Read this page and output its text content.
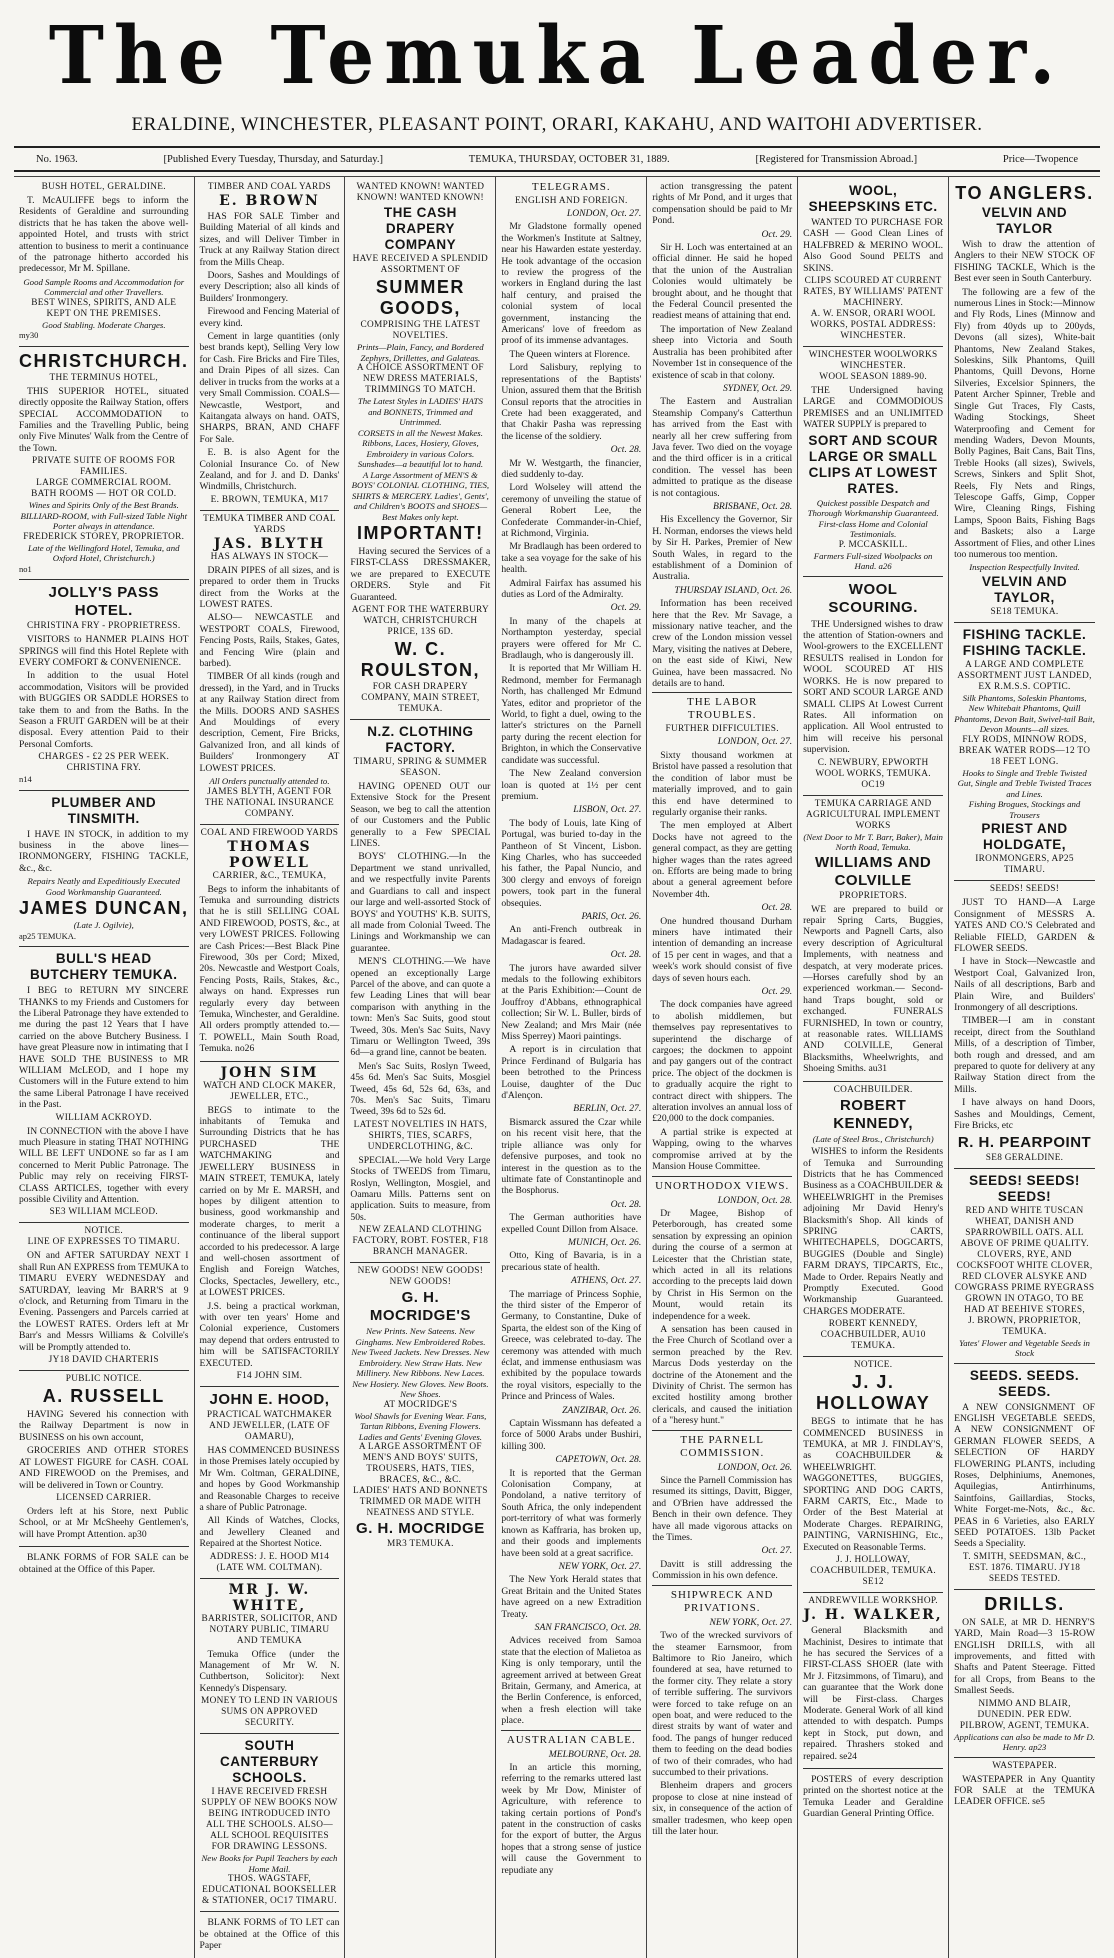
The Temuka Leader.
ERALDINE, WINCHESTER, PLEASANT POINT, ORARI, KAKAHU, AND WAITOHI ADVERTISER.
No. 1963.	[Published Every Tuesday, Thursday, and Saturday.]	TEMUKA, THURSDAY, OCTOBER 31, 1889.	[Registered for Transmission Abroad.]	Price—Twopence
BUSH HOTEL, GERALDINE.
T. McAULIFFE begs to inform the Residents of Geraldine and surrounding districts that he has taken the above well-appointed Hotel, and trusts with strict attention to business to merit a continuance of the patronage hitherto accorded his predecessor, Mr M. Spillane.
Good Sample Rooms and Accommodation for Commercial and other Travellers.
BEST WINES, SPIRITS, AND ALE KEPT ON THE PREMISES.
Good Stabling. Moderate Charges.
my30
CHRISTCHURCH.
THE TERMINUS HOTEL,
THIS SUPERIOR HOTEL, situated directly opposite the Railway Station, offers SPECIAL ACCOMMODATION to Families and the Travelling Public, being only Five Minutes' Walk from the Centre of the Town.
PRIVATE SUITE OF ROOMS FOR FAMILIES.
LARGE COMMERCIAL ROOM.
BATH ROOMS — HOT OR COLD.
Wines and Spirits Only of the Best Brands.
BILLIARD-ROOM, with Full-sized Table Night Porter always in attendance.
FREDERICK STOREY, PROPRIETOR.
Late of the Wellingford Hotel, Temuka, and Oxford Hotel, Christchurch.)
no1
JOLLY'S PASS HOTEL.
CHRISTINA FRY - PROPRIETRESS.
VISITORS to HANMER PLAINS HOT SPRINGS will find this Hotel Replete with EVERY COMFORT & CONVENIENCE.
In addition to the usual Hotel accommodation, Visitors will be provided with BUGGIES OR SADDLE HORSES to take them to and from the Baths. In the Season a FRUIT GARDEN will be at their disposal. Every attention Paid to their Personal Comforts.
CHARGES - £2 2S PER WEEK.
CHRISTINA FRY.
n14
PLUMBER AND TINSMITH.
I HAVE IN STOCK, in addition to my business in the above lines— IRONMONGERY, FISHING TACKLE, &c., &c.
Repairs Neatly and Expeditiously Executed
Good Workmanship Guaranteed.
JAMES DUNCAN,
(Late J. Ogilvie),
ap25 TEMUKA.
BULL'S HEAD BUTCHERY TEMUKA.
I BEG to RETURN MY SINCERE THANKS to my Friends and Customers for the Liberal Patronage they have extended to me during the past 12 Years that I have carried on the above Butchery Business. I have great Pleasure now in intimating that I HAVE SOLD THE BUSINESS to MR WILLIAM McLEOD, and I hope my Customers will in the Future extend to him the same Liberal Patronage I have received in the Past.
WILLIAM ACKROYD.
IN CONNECTION with the above I have much Pleasure in stating THAT NOTHING WILL BE LEFT UNDONE so far as I am concerned to Merit Public Patronage. The Public may rely on receiving FIRST-CLASS ARTICLES, together with every possible Civility and Attention.
SE3 WILLIAM MCLEOD.
NOTICE.
LINE OF EXPRESSES TO TIMARU.
ON and AFTER SATURDAY NEXT I shall Run AN EXPRESS from TEMUKA to TIMARU EVERY WEDNESDAY and SATURDAY, leaving Mr BARR'S at 9 o'clock, and Returning from Timaru in the Evening. Passengers and Parcels carried at the LOWEST RATES. Orders left at Mr Barr's and Messrs Williams & Colville's will be Promptly attended to.
JY18 DAVID CHARTERIS
PUBLIC NOTICE.
A. RUSSELL
HAVING Severed his connection with the Railway Department is now in BUSINESS on his own account,
GROCERIES AND OTHER STORES AT LOWEST FIGURE for CASH. COAL AND FIREWOOD on the Premises, and will be delivered in Town or Country.
LICENSED CARRIER.
Orders left at his Store, next Public School, or at Mr McSheehy Gentlemen's, will have Prompt Attention. ap30
BLANK FORMS of FOR SALE can be obtained at the Office of this Paper.
TIMBER AND COAL YARDS
E. BROWN
HAS FOR SALE Timber and Building Material of all kinds and sizes, and will Deliver Timber in Truck at any Railway Station direct from the Mills Cheap.
Doors, Sashes and Mouldings of every Description; also all kinds of Builders' Ironmongery.
Firewood and Fencing Material of every kind.
Cement in large quantities (only best brands kept), Selling Very low for Cash. Fire Bricks and Fire Tiles, and Drain Pipes of all sizes. Can deliver in trucks from the works at a very Small Commission. COALS—Newcastle, Westport, and Kaitangata always on hand. OATS, SHARPS, BRAN, AND CHAFF For Sale.
E. B. is also Agent for the Colonial Insurance Co. of New Zealand, and for J. and D. Danks' Windmills, Christchurch.
E. BROWN, TEMUKA, M17
TEMUKA TIMBER AND COAL YARDS
JAS. BLYTH
HAS ALWAYS IN STOCK—
DRAIN PIPES of all sizes, and is prepared to order them in Trucks direct from the Works at the LOWEST RATES.
ALSO— NEWCASTLE and WESTPORT COALS, Firewood, Fencing Posts, Rails, Stakes, Gates, and Fencing Wire (plain and barbed).
TIMBER Of all kinds (rough and dressed), in the Yard, and in Trucks at any Railway Station direct from the Mills. DOORS AND SASHES And Mouldings of every description, Cement, Fire Bricks, Galvanized Iron, and all kinds of Builders' Ironmongery AT LOWEST PRICES.
All Orders punctually attended to.
JAMES BLYTH, AGENT FOR THE NATIONAL INSURANCE COMPANY.
COAL AND FIREWOOD YARDS
THOMAS POWELL
CARRIER, &C., TEMUKA,
Begs to inform the inhabitants of Temuka and surrounding districts that he is still SELLING COAL AND FIREWOOD, POSTS, &c., at very LOWEST PRICES. Following are Cash Prices:—Best Black Pine Firewood, 30s per Cord; Mixed, 20s. Newcastle and Westport Coals, Fencing Posts, Rails, Stakes, &c., always on hand. Expresses run regularly every day between Temuka, Winchester, and Geraldine. All orders promptly attended to.— T. POWELL, Main South Road, Temuka. no26
JOHN SIM
WATCH AND CLOCK MAKER, JEWELLER, ETC.,
BEGS to intimate to the inhabitants of Temuka and Surrounding Districts that he has PURCHASED THE WATCHMAKING and JEWELLERY BUSINESS in MAIN STREET, TEMUKA, lately carried on by Mr E. MARSH, and hopes by diligent attention to business, good workmanship and moderate charges, to merit a continuance of the liberal support accorded to his predecessor. A large and well-chosen assortment of English and Foreign Watches, Clocks, Spectacles, Jewellery, etc., at LOWEST PRICES.
J.S. being a practical workman, with over ten years' Home and Colonial experience, Customers may depend that orders entrusted to him will be SATISFACTORILY EXECUTED.
F14 JOHN SIM.
JOHN E. HOOD,
PRACTICAL WATCHMAKER AND JEWELLER, (LATE OF OAMARU),
HAS COMMENCED BUSINESS in those Premises lately occupied by Mr Wm. Coltman, GERALDINE, and hopes by Good Workmanship and Reasonable Charges to receive a share of Public Patronage.
All Kinds of Watches, Clocks, and Jewellery Cleaned and Repaired at the Shortest Notice.
ADDRESS: J. E. HOOD M14 (LATE WM. COLTMAN).
MR J. W. WHITE,
BARRISTER, SOLICITOR, AND NOTARY PUBLIC, TIMARU AND TEMUKA
Temuka Office (under the Management of Mr W. N. Cuthbertson, Solicitor): Next Kennedy's Dispensary.
MONEY TO LEND IN VARIOUS SUMS ON APPROVED SECURITY.
SOUTH CANTERBURY SCHOOLS.
I HAVE RECEIVED FRESH SUPPLY OF NEW BOOKS NOW BEING INTRODUCED INTO ALL THE SCHOOLS. ALSO— ALL SCHOOL REQUISITES FOR DRAWING LESSONS.
New Books for Pupil Teachers by each Home Mail.
THOS. WAGSTAFF, EDUCATIONAL BOOKSELLER & STATIONER, OC17 TIMARU.
BLANK FORMS of TO LET can be obtained at the Office of this Paper
WANTED KNOWN! WANTED KNOWN! WANTED KNOWN!
THE CASH DRAPERY COMPANY
HAVE RECEIVED A SPLENDID ASSORTMENT OF
SUMMER GOODS,
COMPRISING THE LATEST NOVELTIES.
Prints—Plain, Fancy, and Bordered Zephyrs, Drillettes, and Galateas.
A CHOICE ASSORTMENT OF NEW DRESS MATERIALS, TRIMMINGS TO MATCH.
The Latest Styles in LADIES' HATS and BONNETS, Trimmed and Untrimmed.
CORSETS in all the Newest Makes. Ribbons, Laces, Hosiery, Gloves, Embroidery in various Colors. Sunshades—a beautiful lot to hand.
A Large Assortment of MEN'S & BOYS' COLONIAL CLOTHING, TIES, SHIRTS & MERCERY. Ladies', Gents', and Children's BOOTS and SHOES—Best Makes only kept.
IMPORTANT!
Having secured the Services of a FIRST-CLASS DRESSMAKER, we are prepared to EXECUTE ORDERS. Style and Fit Guaranteed.
AGENT FOR THE WATERBURY WATCH, CHRISTCHURCH PRICE, 13S 6D.
W. C. ROULSTON,
FOR CASH DRAPERY COMPANY, MAIN STREET, TEMUKA.
N.Z. CLOTHING FACTORY.
TIMARU, SPRING & SUMMER SEASON.
HAVING OPENED OUT our Extensive Stock for the Present Season, we beg to call the attention of our Customers and the Public generally to a Few SPECIAL LINES.
BOYS' CLOTHING.—In the Department we stand unrivalled, and we respectfully invite Parents and Guardians to call and inspect our large and well-assorted Stock of BOYS' and YOUTHS' K.B. SUITS, all made from Colonial Tweed. The Linings and Workmanship we can guarantee.
MEN'S CLOTHING.—We have opened an exceptionally Large Parcel of the above, and can quote a few Leading Lines that will bear comparison with anything in the town: Men's Sac Suits, good stout Tweed, 30s. Men's Sac Suits, Navy Timaru or Wellington Tweed, 39s 6d—a grand line, cannot be beaten.
Men's Sac Suits, Roslyn Tweed, 45s 6d. Men's Sac Suits, Mosgiel Tweed, 45s 6d, 52s 6d, 63s, and 70s. Men's Sac Suits, Timaru Tweed, 39s 6d to 52s 6d.
LATEST NOVELTIES IN HATS, SHIRTS, TIES, SCARFS, UNDERCLOTHING, &C.
SPECIAL.—We hold Very Large Stocks of TWEEDS from Timaru, Roslyn, Wellington, Mosgiel, and Oamaru Mills. Patterns sent on application. Suits to measure, from 50s.
NEW ZEALAND CLOTHING FACTORY, ROBT. FOSTER, F18 BRANCH MANAGER.
NEW GOODS! NEW GOODS! NEW GOODS!
G. H. MOCRIDGE'S
New Prints. New Sateens. New Ginghams. New Embroidered Robes. New Tweed Jackets. New Dresses. New Embroidery. New Straw Hats. New Millinery. New Ribbons. New Laces. New Hosiery. New Gloves. New Boots. New Shoes.
AT MOCRIDGE'S
Wool Shawls for Evening Wear. Fans, Tartan Ribbons, Evening Flowers. Ladies and Gents' Evening Gloves.
A LARGE ASSORTMENT OF MEN'S AND BOYS' SUITS, TROUSERS, HATS, TIES, BRACES, &C., &C.
LADIES' HATS AND BONNETS TRIMMED OR MADE WITH NEATNESS AND STYLE.
G. H. MOCRIDGE
MR3 TEMUKA.
TELEGRAMS.
ENGLISH AND FOREIGN.
LONDON, Oct. 27.
Mr Gladstone formally opened the Workmen's Institute at Saltney, near his Hawarden estate yesterday. He took advantage of the occasion to review the progress of the workers in England during the last half century, and praised the colonial system of local government, instancing the Americans' love of freedom as proof of its immense advantages.
The Queen winters at Florence.
Lord Salisbury, replying to representations of the Baptists' Union, assured them that the British Consul reports that the atrocities in Crete had been exaggerated, and that Chakir Pasha was repressing the license of the soldiery.
Oct. 28.
Mr W. Westgarth, the financier, died suddenly to-day.
Lord Wolseley will attend the ceremony of unveiling the statue of General Robert Lee, the Confederate Commander-in-Chief, at Richmond, Virginia.
Mr Bradlaugh has been ordered to take a sea voyage for the sake of his health.
Admiral Fairfax has assumed his duties as Lord of the Admiralty.
Oct. 29.
In many of the chapels at Northampton yesterday, special prayers were offered for Mr C. Bradlaugh, who is dangerously ill.
It is reported that Mr William H. Redmond, member for Fermanagh North, has challenged Mr Edmund Yates, editor and proprietor of the World, to fight a duel, owing to the latter's strictures on the Parnell party during the recent election for Brighton, in which the Conservative candidate was successful.
The New Zealand conversion loan is quoted at 1½ per cent premium.
LISBON, Oct. 27.
The body of Louis, late King of Portugal, was buried to-day in the Pantheon of St Vincent, Lisbon. King Charles, who has succeeded his father, the Papal Nuncio, and 300 clergy and envoys of foreign powers, took part in the funeral obsequies.
PARIS, Oct. 26.
An anti-French outbreak in Madagascar is feared.
Oct. 28.
The jurors have awarded silver medals to the following exhibitors at the Paris Exhibition:—Count de Jouffroy d'Abbans, ethnographical collection; Sir W. L. Buller, birds of New Zealand; and Mrs Mair (née Miss Sperrey) Maori paintings.
A report is in circulation that Prince Ferdinand of Bulgaria has been betrothed to the Princess Louise, daughter of the Duc d'Alençon.
BERLIN, Oct. 27.
Bismarck assured the Czar while on his recent visit here, that the triple alliance was only for defensive purposes, and took no interest in the question as to the ultimate fate of Constantinople and the Bosphorus.
Oct. 28.
The German authorities have expelled Count Dillon from Alsace.
MUNICH, Oct. 26.
Otto, King of Bavaria, is in a precarious state of health.
ATHENS, Oct. 27.
The marriage of Princess Sophie, the third sister of the Emperor of Germany, to Constantine, Duke of Sparta, the eldest son of the King of Greece, was celebrated to-day. The ceremony was attended with much éclat, and immense enthusiasm was exhibited by the populace towards the royal visitors, especially to the Prince and Princess of Wales.
ZANZIBAR, Oct. 26.
Captain Wissmann has defeated a force of 5000 Arabs under Bushiri, killing 300.
CAPETOWN, Oct. 28.
It is reported that the German Colonisation Company, at Pondoland, a native territory of South Africa, the only independent port-territory of what was formerly known as Kaffraria, has broken up, and their goods and implements have been sold at a great sacrifice.
NEW YORK, Oct. 27.
The New York Herald states that Great Britain and the United States have agreed on a new Extradition Treaty.
SAN FRANCISCO, Oct. 28.
Advices received from Samoa state that the election of Malietoa as King is only temporary, until the agreement arrived at between Great Britain, Germany, and America, at the Berlin Conference, is enforced, when a fresh election will take place.
AUSTRALIAN CABLE.
MELBOURNE, Oct. 28.
In an article this morning, referring to the remarks uttered last week by Mr Dow, Minister of Agriculture, with reference to taking certain portions of Pond's patent in the construction of casks for the export of butter, the Argus hopes that a strong sense of justice will cause the Government to repudiate any
action transgressing the patent rights of Mr Pond, and it urges that compensation should be paid to Mr Pond.
Oct. 29.
Sir H. Loch was entertained at an official dinner. He said he hoped that the union of the Australian Colonies would ultimately be brought about, and he thought that the Federal Council presented the readiest means of attaining that end.
The importation of New Zealand sheep into Victoria and South Australia has been prohibited after November 1st in consequence of the existence of scab in that colony.
SYDNEY, Oct. 29.
The Eastern and Australian Steamship Company's Catterthun has arrived from the East with nearly all her crew suffering from Java fever. Two died on the voyage and the third officer is in a critical condition. The vessel has been admitted to pratique as the disease is not contagious.
BRISBANE, Oct. 28.
His Excellency the Governor, Sir H. Norman, endorses the views held by Sir H. Parkes, Premier of New South Wales, in regard to the establishment of a Dominion of Australia.
THURSDAY ISLAND, Oct. 26.
Information has been received here that the Rev. Mr Savage, a missionary native teacher, and the crew of the London mission vessel Mary, visiting the natives at Debere, on the east side of Kiwi, New Guinea, have been massacred. No details are to hand.
THE LABOR TROUBLES.
FURTHER DIFFICULTIES.
LONDON, Oct. 27.
Sixty thousand workmen at Bristol have passed a resolution that the condition of labor must be materially improved, and to gain this end have determined to regularly organise their ranks.
The men employed at Albert Docks have not agreed to the general compact, as they are getting higher wages than the rates agreed on. Efforts are being made to bring about a general agreement before November 4th.
Oct. 28.
One hundred thousand Durham miners have intimated their intention of demanding an increase of 15 per cent in wages, and that a week's work should consist of five days of seven hours each.
Oct. 29.
The dock companies have agreed to abolish middlemen, but themselves pay representatives to superintend the discharge of cargoes; the dockmen to appoint and pay gangers out of the contract price. The object of the dockmen is to gradually acquire the right to contract direct with shippers. The alteration involves an annual loss of £20,000 to the dock companies.
A partial strike is expected at Wapping, owing to the wharves compromise arrived at by the Mansion House Committee.
UNORTHODOX VIEWS.
LONDON, Oct. 28.
Dr Magee, Bishop of Peterborough, has created some sensation by expressing an opinion during the course of a sermon at Leicester that the Christian state, which acted in all its relations according to the precepts laid down by Christ in His Sermon on the Mount, would retain its independence for a week.
A sensation has been caused in the Free Church of Scotland over a sermon preached by the Rev. Marcus Dods yesterday on the doctrine of the Atonement and the Divinity of Christ. The sermon has excited hostility among brother clericals, and caused the initiation of a "heresy hunt."
THE PARNELL COMMISSION.
LONDON, Oct. 26.
Since the Parnell Commission has resumed its sittings, Davitt, Bigger, and O'Brien have addressed the Bench in their own defence. They have all made vigorous attacks on the Times.
Oct. 27.
Davitt is still addressing the Commission in his own defence.
SHIPWRECK AND PRIVATIONS.
NEW YORK, Oct. 27.
Two of the wrecked survivors of the steamer Earnsmoor, from Baltimore to Rio Janeiro, which foundered at sea, have returned to the former city. They relate a story of terrible suffering. The survivors were forced to take refuge on an open boat, and were reduced to the direst straits by want of water and food. The pangs of hunger reduced them to feeding on the dead bodies of two of their comrades, who had succumbed to their privations.
Blenheim drapers and grocers propose to close at nine instead of six, in consequence of the action of smaller tradesmen, who keep open till the later hour.
WOOL, SHEEPSKINS ETC.
WANTED TO PURCHASE FOR CASH — Good Clean Lines of HALFBRED & MERINO WOOL. Also Good Sound PELTS and SKINS.
CLIPS SCOURED AT CURRENT RATES, BY WILLIAMS' PATENT MACHINERY.
A. W. ENSOR, ORARI WOOL WORKS, POSTAL ADDRESS: WINCHESTER.
WINCHESTER WOOLWORKS
WINCHESTER.
WOOL SEASON 1889-90.
THE Undersigned having LARGE and COMMODIOUS PREMISES and an UNLIMITED WATER SUPPLY is prepared to
SORT AND SCOUR LARGE OR SMALL CLIPS AT LOWEST RATES.
Quickest possible Despatch and Thorough Workmanship Guaranteed. First-class Home and Colonial Testimonials.
P. MCCASKILL.
Farmers Full-sized Woolpacks on Hand. a26
WOOL SCOURING.
THE Undersigned wishes to draw the attention of Station-owners and Wool-growers to the EXCELLENT RESULTS realised in London for WOOL SCOURED AT HIS WORKS. He is now prepared to SORT AND SCOUR LARGE AND SMALL CLIPS At Lowest Current Rates. All information on application. All Wool entrusted to him will receive his personal supervision.
C. NEWBURY, EPWORTH WOOL WORKS, TEMUKA. OC19
TEMUKA CARRIAGE AND AGRICULTURAL IMPLEMENT WORKS
(Next Door to Mr T. Barr, Baker), Main North Road, Temuka.
WILLIAMS AND COLVILLE
PROPRIETORS.
WE are prepared to build or repair Spring Carts, Buggies, Newports and Pagnell Carts, also every description of Agricultural Implements, with neatness and despatch, at very moderate prices.—Horses carefully shod by an experienced workman.— Second-hand Traps bought, sold or exchanged. FUNERALS FURNISHED, In town or country, at reasonable rates. WILLIAMS AND COLVILLE, General Blacksmiths, Wheelwrights, and Shoeing Smiths. au31
COACHBUILDER.
ROBERT KENNEDY,
(Late of Steel Bros., Christchurch)
WISHES to inform the Residents of Temuka and Surrounding Districts that he has Commenced Business as a COACHBUILDER & WHEELWRIGHT in the Premises adjoining Mr David Henry's Blacksmith's Shop. All kinds of SPRING CARTS, WHITECHAPELS, DOGCARTS, BUGGIES (Double and Single) FARM DRAYS, TIPCARTS, Etc., Made to Order. Repairs Neatly and Promptly Executed. Good Workmanship Guaranteed. CHARGES MODERATE.
ROBERT KENNEDY, COACHBUILDER, AU10 TEMUKA.
NOTICE.
J. J. HOLLOWAY
BEGS to intimate that he has COMMENCED BUSINESS in TEMUKA, at MR J. FINDLAY'S, as COACHBUILDER & WHEELWRIGHT. WAGGONETTES, BUGGIES, SPORTING AND DOG CARTS, FARM CARTS, Etc., Made to Order of the Best Material at Moderate Charges. REPAIRING, PAINTING, VARNISHING, Etc., Executed on Reasonable Terms.
J. J. HOLLOWAY, COACHBUILDER, TEMUKA. SE12
ANDREWVILLE WORKSHOP.
J. H. WALKER,
General Blacksmith and Machinist, Desires to intimate that he has secured the Services of a FIRST-CLASS SHOER (late with Mr J. Fitzsimmons, of Timaru), and can guarantee that the Work done will be First-class. Charges Moderate. General Work of all kind attended to with despatch. Pumps kept in Stock, put down, and repaired. Thrashers stoked and repaired. se24
POSTERS of every description printed on the shortest notice at the Temuka Leader and Geraldine Guardian General Printing Office.
TO ANGLERS.
VELVIN AND TAYLOR
Wish to draw the attention of Anglers to their NEW STOCK OF FISHING TACKLE, Which is the Best ever seen in South Canterbury.
The following are a few of the numerous Lines in Stock:—Minnow and Fly Rods, Lines (Minnow and Fly) from 40yds up to 200yds, Devons (all sizes), White-bait Phantoms, New Zealand Stakes, Soleskins, Silk Phantoms, Quill Phantoms, Quill Devons, Horne Silveries, Excelsior Spinners, the Patent Archer Spinner, Treble and Single Gut Traces, Fly Casts, Wading Stockings, Sheet Waterproofing and Cement for mending Waders, Devon Mounts, Bolly Pagines, Bait Cans, Bait Tins, Treble Hooks (all sizes), Swivels, Screws, Sinkers and Split Shot, Reels, Fly Nets and Rings, Telescope Gaffs, Gimp, Copper Wire, Cleaning Rings, Fishing Lamps, Spoon Baits, Fishing Bags and Baskets; also a Large Assortment of Flies, and other Lines too numerous too mention.
Inspection Respectfully Invited.
VELVIN AND TAYLOR,
SE18 TEMUKA.
FISHING TACKLE. FISHING TACKLE.
A LARGE AND COMPLETE ASSORTMENT JUST LANDED, EX R.M.S.S. COPTIC.
Silk Phantoms, Soleskin Phantoms, New Whitebait Phantoms, Quill Phantoms, Devon Bait, Swivel-tail Bait, Devon Mounts—all sizes.
FLY RODS, MINNOW RODS, BREAK WATER RODS—12 TO 18 FEET LONG.
Hooks to Single and Treble Twisted Gut, Single and Treble Twisted Traces and Lines.
Fishing Brogues, Stockings and Trousers
PRIEST AND HOLDGATE,
IRONMONGERS, AP25 TIMARU.
SEEDS! SEEDS!
JUST TO HAND—A Large Consignment of MESSRS A. YATES AND CO.'S Celebrated and Reliable FIELD, GARDEN & FLOWER SEEDS.
I have in Stock—Newcastle and Westport Coal, Galvanized Iron, Nails of all descriptions, Barb and Plain Wire, and Builders' Ironmongery of all descriptions.
TIMBER—I am in constant receipt, direct from the Southland Mills, of a description of Timber, both rough and dressed, and am prepared to quote for delivery at any Railway Station direct from the Mills.
I have always on hand Doors, Sashes and Mouldings, Cement, Fire Bricks, etc
R. H. PEARPOINT
SE8 GERALDINE.
SEEDS! SEEDS! SEEDS!
RED AND WHITE TUSCAN WHEAT, DANISH AND SPARROWBILL OATS. ALL ABOVE OF PRIME QUALITY. CLOVERS, RYE, AND COCKSFOOT WHITE CLOVER, RED CLOVER ALSYKE AND COWGRASS PRIME RYEGRASS GROWN IN OTAGO, TO BE HAD AT BEEHIVE STORES,
J. BROWN, PROPRIETOR, TEMUKA.
Yates' Flower and Vegetable Seeds in Stock
SEEDS. SEEDS. SEEDS.
A NEW CONSIGNMENT OF ENGLISH VEGETABLE SEEDS, A NEW CONSIGNMENT OF GERMAN FLOWER SEEDS, A SELECTION OF HARDY FLOWERING PLANTS, including Roses, Delphiniums, Anemones, Aquilegias, Antirrhinums, Saintfoins, Gaillardias, Stocks, White Forget-me-Nots, &c., &c. PEAS in 6 Varieties, also EARLY SEED POTATOES. 13lb Packet Seeds a Speciality.
T. SMITH, SEEDSMAN, &C., EST. 1876. TIMARU. JY18 SEEDS TESTED.
DRILLS.
ON SALE, at MR D. HENRY'S YARD, Main Road—3 15-ROW ENGLISH DRILLS, with all improvements, and fitted with Shafts and Patent Steerage. Fitted for all Crops, from Beans to the Smallest Seeds.
NIMMO AND BLAIR, DUNEDIN. PER EDW. PILBROW, AGENT, TEMUKA.
Applications can also be made to Mr D. Henry. ap23
WASTEPAPER.
WASTEPAPER in Any Quantity FOR SALE at the TEMUKA LEADER OFFICE. se5
